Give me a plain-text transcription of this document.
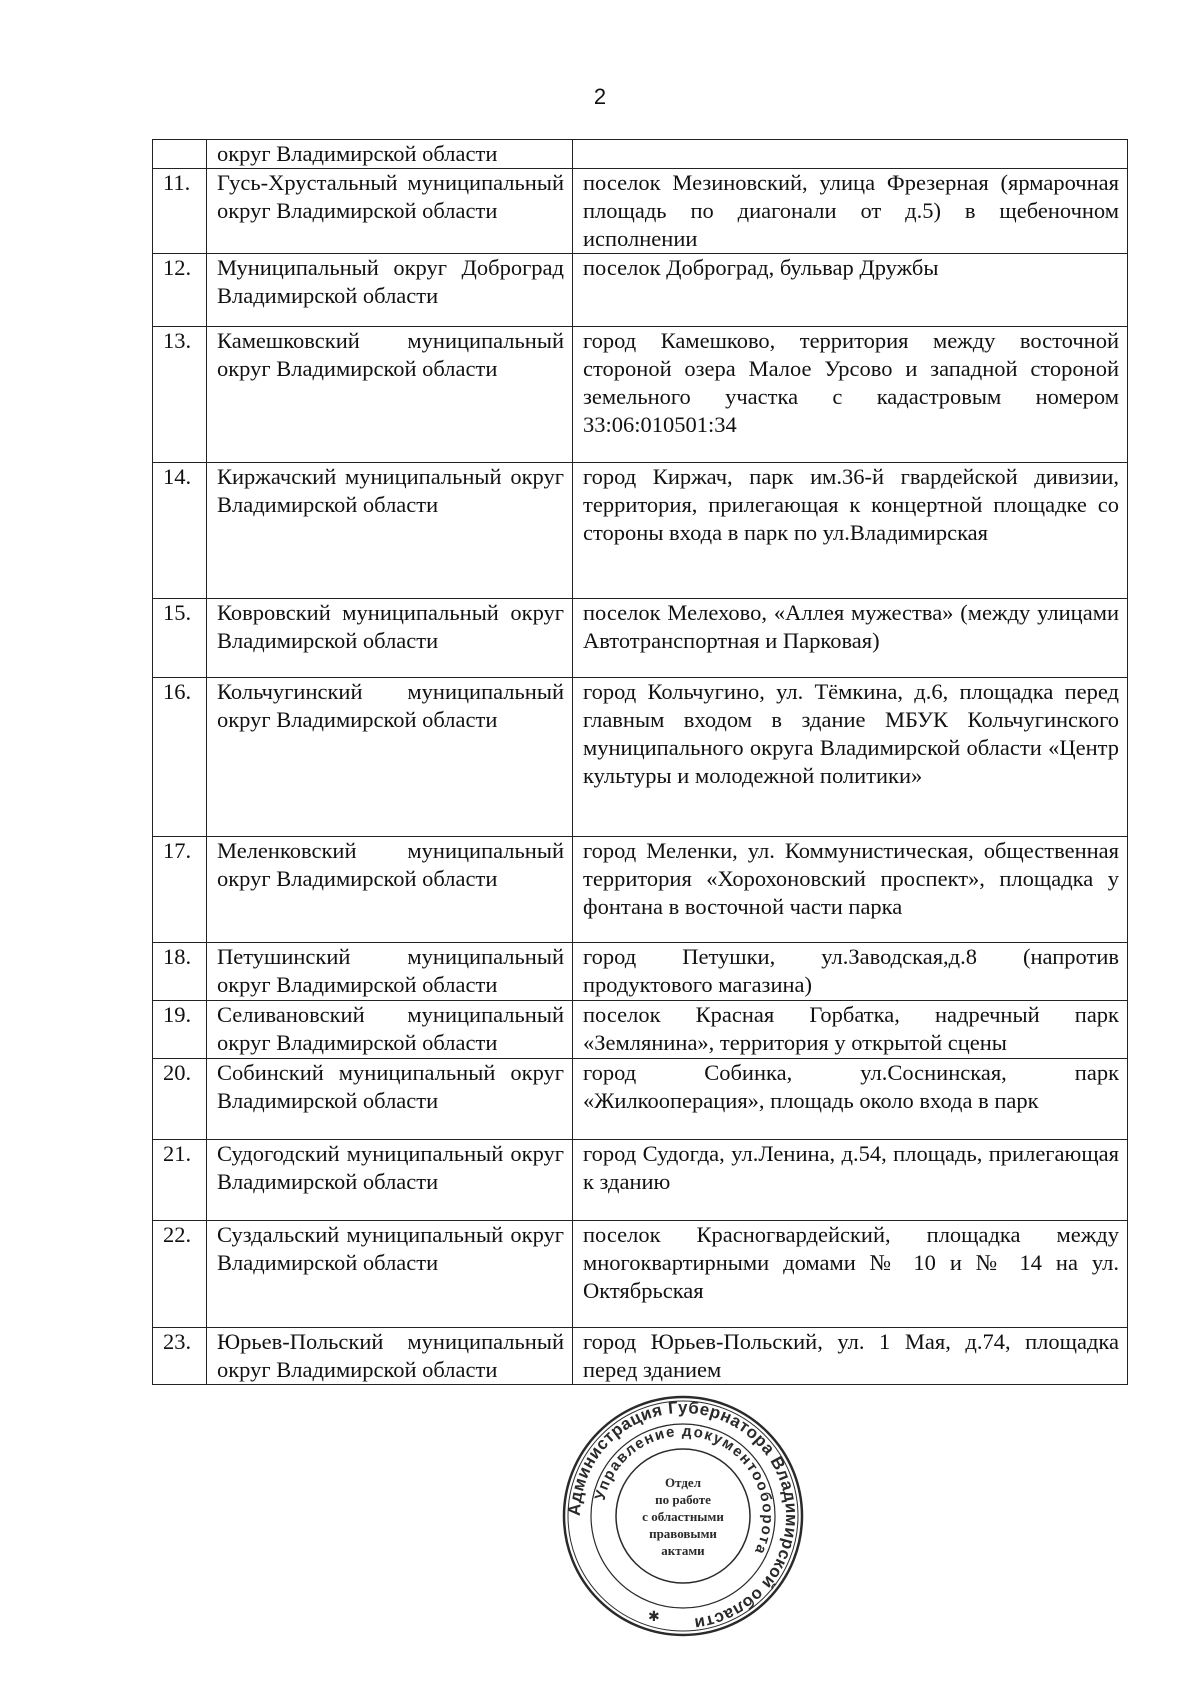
2
	округ Владимирской области	
11.	Гусь-Хрустальный муниципальный округ Владимирской области	поселок Мезиновский, улица Фрезерная (ярмарочная площадь по диагонали от д.5) в щебеночном исполнении
12.	Муниципальный округ Доброград Владимирской области	поселок Доброград, бульвар Дружбы
13.	Камешковский муниципальный округ Владимирской области	город Камешково, территория между восточной стороной озера Малое Урсово и западной стороной земельного участка с кадастровым номером 33:06:010501:34
14.	Киржачский муниципальный округ Владимирской области	город Киржач, парк им.36-й гвардейской дивизии, территория, прилегающая к концертной площадке со стороны входа в парк по ул.Владимирская
15.	Ковровский муниципальный округ Владимирской области	поселок Мелехово, «Аллея мужества» (между улицами Автотранспортная и Парковая)
16.	Кольчугинский муниципальный округ Владимирской области	город Кольчугино, ул. Тёмкина, д.6, площадка перед главным входом в здание МБУК Кольчугинского муниципального округа Владимирской области «Центр культуры и молодежной политики»
17.	Меленковский муниципальный округ Владимирской области	город Меленки, ул. Коммунистическая, общественная территория «Хорохоновский проспект», площадка у фонтана в восточной части парка
18.	Петушинский муниципальный округ Владимирской области	город Петушки, ул.Заводская,д.8 (напротив продуктового магазина)
19.	Селивановский муниципальный округ Владимирской области	поселок Красная Горбатка, надречный парк «Землянина», территория у открытой сцены
20.	Собинский муниципальный округ Владимирской области	город Собинка, ул.Соснинская, парк «Жилкооперация», площадь около входа в парк
21.	Судогодский муниципальный округ Владимирской области	город Судогда, ул.Ленина, д.54, площадь, прилегающая к зданию
22.	Суздальский муниципальный округ Владимирской области	поселок Красногвардейский, площадка между многоквартирными домами № 10 и № 14 на ул. Октябрьская
23.	Юрьев-Польский муниципальный округ Владимирской области	город Юрьев-Польский, ул. 1 Мая, д.74, площадка перед зданием
Администрация Губернатора Владимирской области
Управление документооборота
Отдел
по работе
с областными
правовыми
актами
✱
